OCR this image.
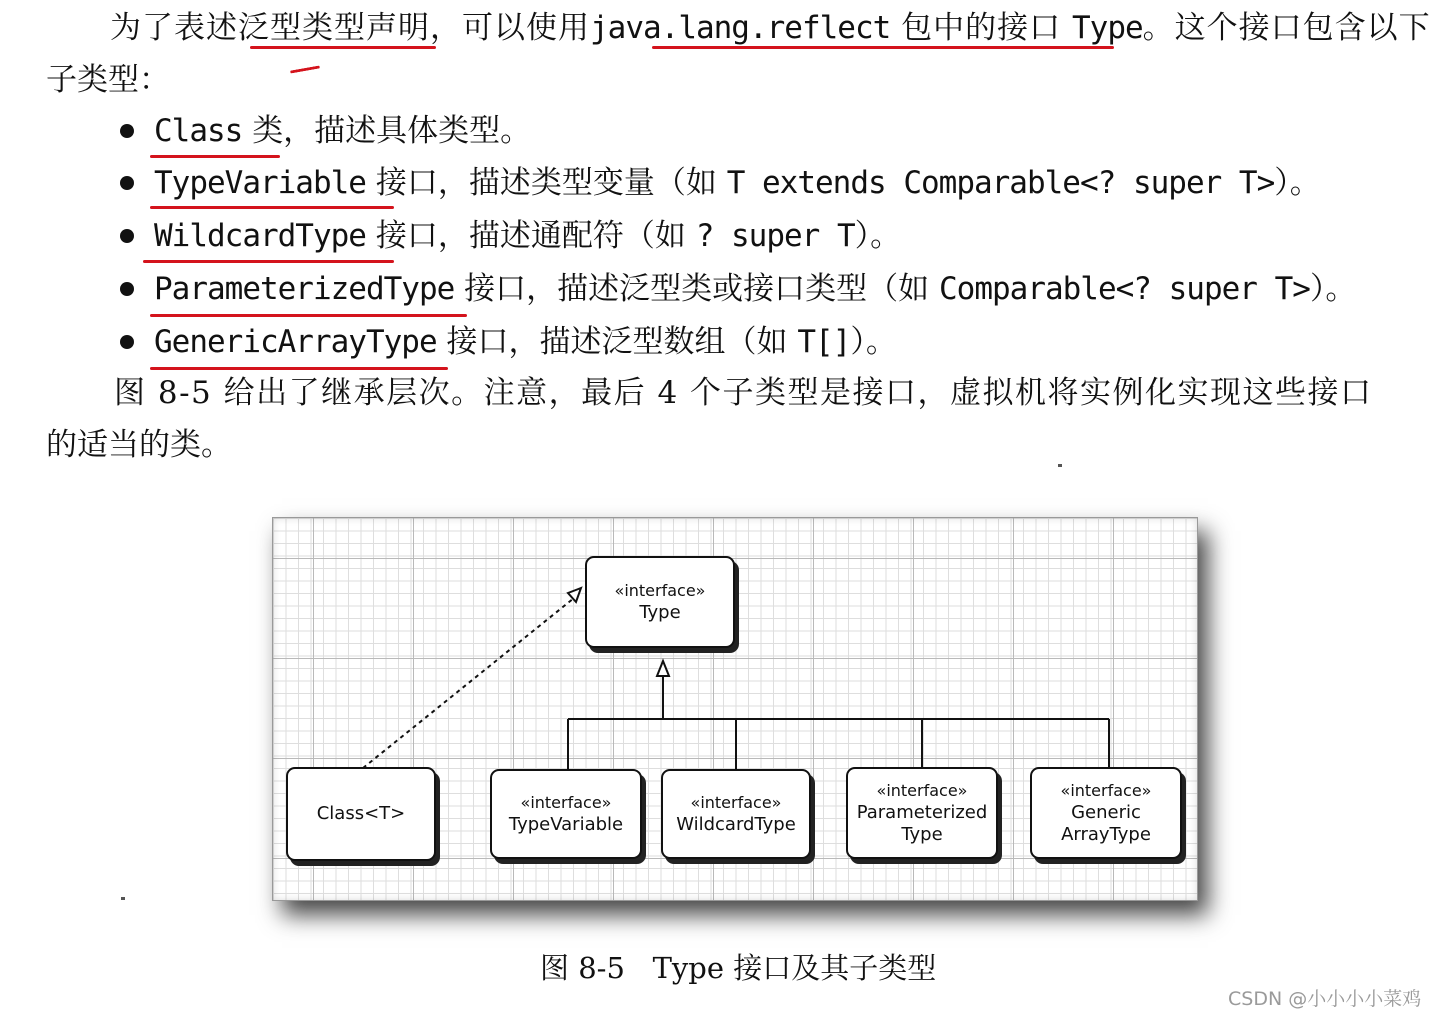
为了表述泛型类型声明，可以使用java.lang.reflect 包中的接口 Type。这个接口包含以下
子类型：
Class 类，描述具体类型。
TypeVariable 接口，描述类型变量（如 T extends Comparable<? super T>）。
WildcardType 接口，描述通配符（如 ? super T）。
ParameterizedType 接口，描述泛型类或接口类型（如 Comparable<? super T>）。
GenericArrayType 接口，描述泛型数组（如 T[]）。
图 8-5 给出了继承层次。注意，最后 4 个子类型是接口，虚拟机将实例化实现这些接口
的适当的类。
«interface»
Type
Class<T>
«interface»
TypeVariable
«interface»
WildcardType
«interface»
Parameterized
Type
«interface»
Generic
ArrayType
图 8-5 Type 接口及其子类型
CSDN @小小小小菜鸡
